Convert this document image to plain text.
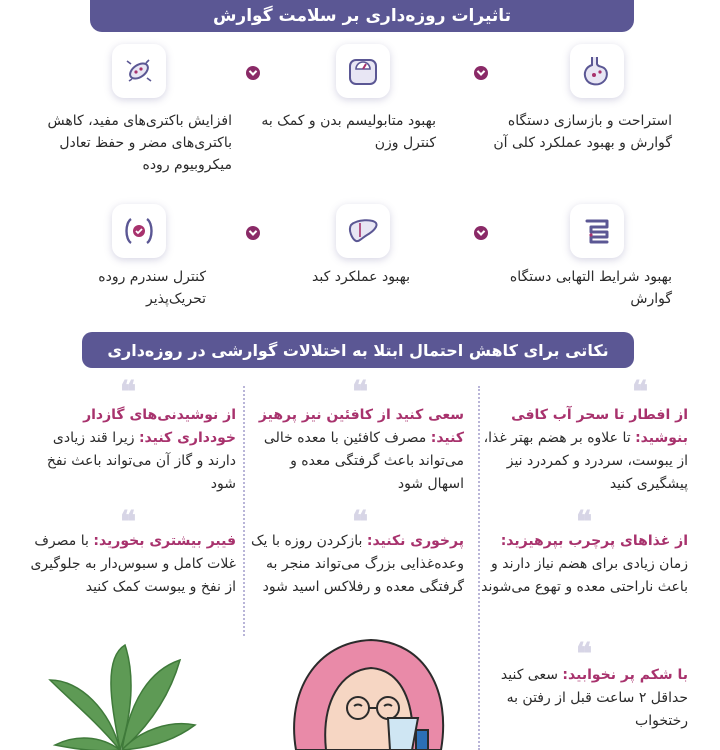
تاثیرات روزه‌داری بر سلامت گوارش
استراحت و بازسازی دستگاه گوارش و بهبود عملکرد کلی آن
بهبود متابولیسم بدن و کمک به کنترل وزن
افزایش باکتری‌های مفید، کاهش باکتری‌های مضر و حفظ تعادل میکروبیوم روده
بهبود شرایط التهابی دستگاه گوارش
بهبود عملکرد کبد
کنترل سندرم روده تحریک‌پذیر
نکاتی برای کاهش احتمال ابتلا به اختلالات گوارشی در روزه‌داری
❝
از افطار تا سحر آب کافی بنوشید: تا علاوه بر هضم بهتر غذا، از یبوست، سردرد و کمردرد نیز پیشگیری کنید
❝
سعی کنید از کافئین نیز پرهیز کنید: مصرف کافئین با معده خالی می‌تواند باعث گرفتگی معده و اسهال شود
❝
از نوشیدنی‌های گازدار خودداری کنید: زیرا قند زیادی دارند و گاز آن می‌تواند باعث نفخ شود
❝
از غذاهای پرچرب بپرهیزید: زمان زیادی برای هضم نیاز دارند و باعث ناراحتی معده و تهوع می‌شوند
❝
پرخوری نکنید: بازکردن روزه با یک وعده‌غذایی بزرگ می‌تواند منجر به گرفتگی معده و رفلاکس اسید شود
❝
فیبر بیشتری بخورید: با مصرف غلات کامل و سبوس‌دار به جلوگیری از نفخ و یبوست کمک کنید
❝
با شکم پر نخوابید: سعی کنید حداقل ۲ ساعت قبل از رفتن به رختخواب
